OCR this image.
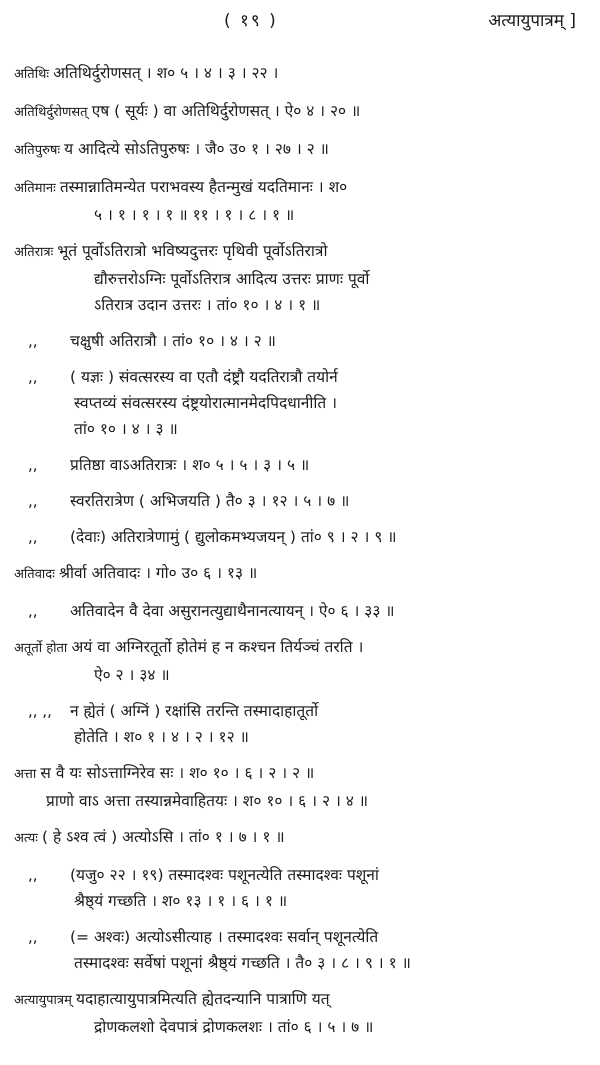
( १९ )	अत्यायुपात्रम् ]
अतिथिः अतिथिर्दुरोणसत् । श० ५ । ४ । ३ । २२ ।
अतिथिर्दुरोणसत् एष ( सूर्यः ) वा अतिथिर्दुरोणसत् । ऐ० ४ । २० ॥
अतिपुरुषः य आदित्ये सोऽतिपुरुषः । जै० उ० १ । २७ । २ ॥
अतिमानः तस्मान्नातिमन्येत पराभवस्य हैतन्मुखं यदतिमानः । श०
५ । १ । १ । १ ॥ ११ । १ । ८ । १ ॥
अतिरात्रः भूतं पूर्वोऽतिरात्रो भविष्यदुत्तरः पृथिवी पूर्वोऽतिरात्रो
द्यौरुत्तरोऽग्निः पूर्वोऽतिरात्र आदित्य उत्तरः प्राणः पूर्वो
ऽतिरात्र उदान उत्तरः । तां० १० । ४ । १ ॥
,, चक्षुषी अतिरात्रौ । तां० १० । ४ । २ ॥
,, ( यज्ञः ) संवत्सरस्य वा एतौ दंष्ट्रौ यदतिरात्रौ तयोर्न
स्वप्तव्यं संवत्सरस्य दंष्ट्रयोरात्मानमेदपिदधानीति ।
तां० १० । ४ । ३ ॥
,, प्रतिष्ठा वाऽअतिरात्रः । श० ५ । ५ । ३ । ५ ॥
,, स्वरतिरात्रेण ( अभिजयति ) तै० ३ । १२ । ५ । ७ ॥
,, (देवाः) अतिरात्रेणामुं ( द्युलोकमभ्यजयन् ) तां० ९ । २ । ९ ॥
अतिवादः श्रीर्वा अतिवादः । गो० उ० ६ । १३ ॥
,, अतिवादेन वै देवा असुरानत्युद्याथैनानत्यायन् । ऐ० ६ । ३३ ॥
अतूर्तो होता अयं वा अग्निरतूर्तो होतेमं ह न कश्चन तिर्यञ्चं तरति ।
ऐ० २ । ३४ ॥
,, ,, न ह्येतं ( अग्निं ) रक्षांसि तरन्ति तस्मादाहातूर्तो
होतेति । श० १ । ४ । २ । १२ ॥
अत्ता स वै यः सोऽत्ताग्निरेव सः । श० १० । ६ । २ । २ ॥
प्राणो वाऽ अत्ता तस्यान्नमेवाहितयः । श० १० । ६ । २ । ४ ॥
अत्यः ( हे ऽश्व त्वं ) अत्योऽसि । तां० १ । ७ । १ ॥
,, (यजु० २२ । १९) तस्मादश्वः पशूनत्येति तस्मादश्वः पशूनां
श्रैष्ठ्यं गच्छति । श० १३ । १ । ६ । १ ॥
,, (= अश्वः) अत्योऽसीत्याह । तस्मादश्वः सर्वान् पशूनत्येति
तस्मादश्वः सर्वेषां पशूनां श्रैष्ठ्यं गच्छति । तै० ३ । ८ । ९ । १ ॥
अत्यायुपात्रम् यदाहात्यायुपात्रमित्यति ह्येतदन्यानि पात्राणि यत्
द्रोणकलशो देवपात्रं द्रोणकलशः । तां० ६ । ५ । ७ ॥
